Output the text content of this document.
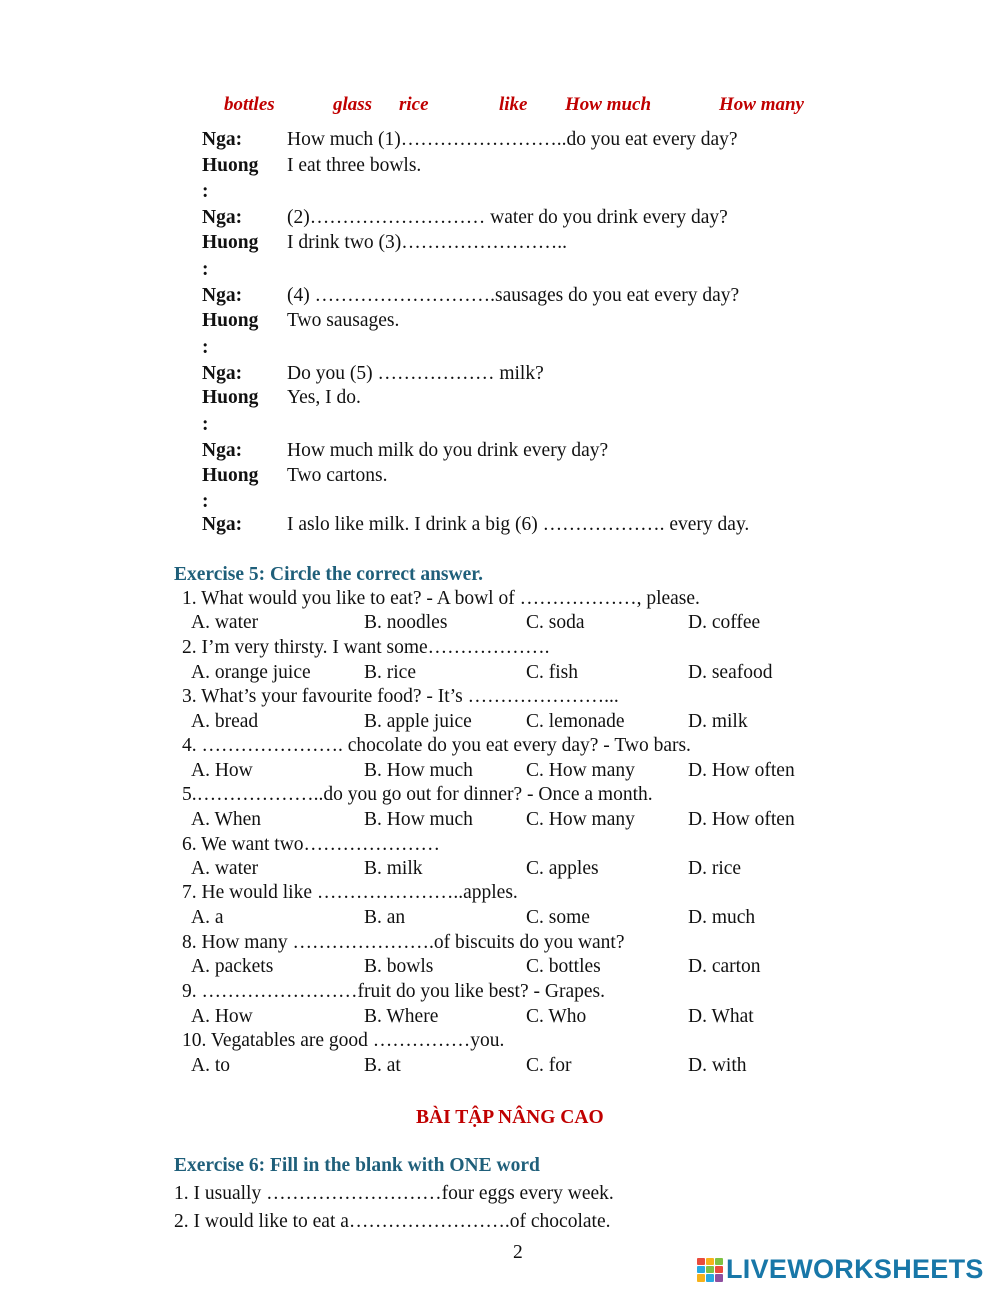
bottles	glass rice	like How much	How many
Nga: How much (1)……………………..do you eat every day?
Huong I eat three bowls.
:
Nga: (2)……………………… water do you drink every day?
Huong I drink two (3)……………………..
:
Nga: (4) ……………………….sausages do you eat every day?
Huong Two sausages.
:
Nga: Do you (5) ……………… milk?
Huong Yes, I do.
:
Nga: How much milk do you drink every day?
Huong Two cartons.
:
Nga: I aslo like milk. I drink a big (6) ………………. every day.
Exercise 5: Circle the correct answer.
1. What would you like to eat? - A bowl of ………………, please.
A. water	B. noodles	C. soda	D. coffee
2. I’m very thirsty. I want some……………….
A. orange juice	B. rice	C. fish	D. seafood
3. What’s your favourite food? - It’s …………………...
A. bread	B. apple juice	C. lemonade	D. milk
4. …………………. chocolate do you eat every day? - Two bars.
A. How	B. How much	C. How many	D. How often
5.………………..do you go out for dinner? - Once a month.
A. When	B. How much	C. How many	D. How often
6. We want two…………………
A. water	B. milk	C. apples	D. rice
7. He would like …………………..apples.
A. a	B. an	C. some	D. much
8. How many ………………….of biscuits do you want?
A. packets	B. bowls	C. bottles	D. carton
9. ……………………fruit do you like best? - Grapes.
A. How	B. Where	C. Who	D. What
10. Vegatables are good ……………you.
A. to	B. at	C. for	D. with
BÀI TẬP NÂNG CAO
Exercise 6: Fill in the blank with ONE word
1. I usually ………………………four eggs every week.
2. I would like to eat a…………………….of chocolate.
2
LIVEWORKSHEETS
